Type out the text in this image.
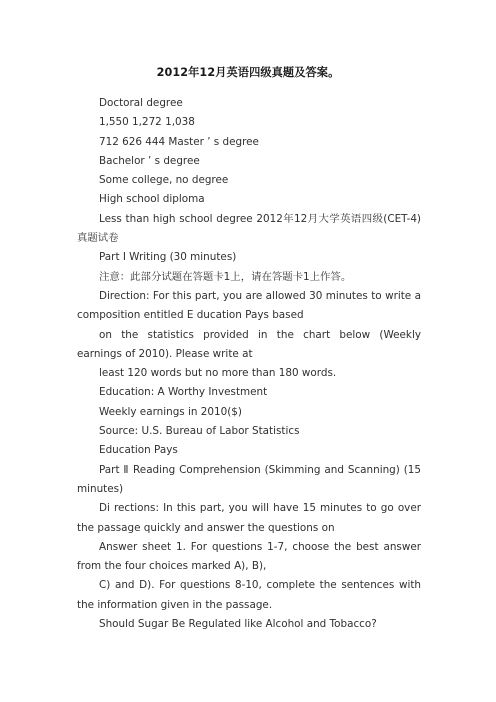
2012年12月英语四级真题及答案。

Doctoral degree

1,550 1,272 1,038

712 626 444 Master ’ s degree

Bachelor ’ s degree

Some college, no degree

High school diploma

Less than high school degree 2012年12月大学英语四级(CET-4)真题试卷

Part Ⅰ Writing (30 minutes)

注意：此部分试题在答题卡1上，请在答题卡1上作答。

Direction: For this part, you are allowed 30 minutes to write a composition entitled E ducation Pays based

on the statistics provided in the chart below (Weekly earnings of 2010). Please write at

least 120 words but no more than 180 words.

Education: A Worthy Investment

Weekly earnings in 2010($)

Source: U.S. Bureau of Labor Statistics

Education Pays

Part Ⅱ Reading Comprehension (Skimming and Scanning) (15 minutes)

Di rections: In this part, you will have 15 minutes to go over the passage quickly and answer the questions on

Answer sheet 1. For questions 1-7, choose the best answer from the four choices marked A), B),

C) and D). For questions 8-10, complete the sentences with the information given in the passage.

Should Sugar Be Regulated like Alcohol and Tobacco?
